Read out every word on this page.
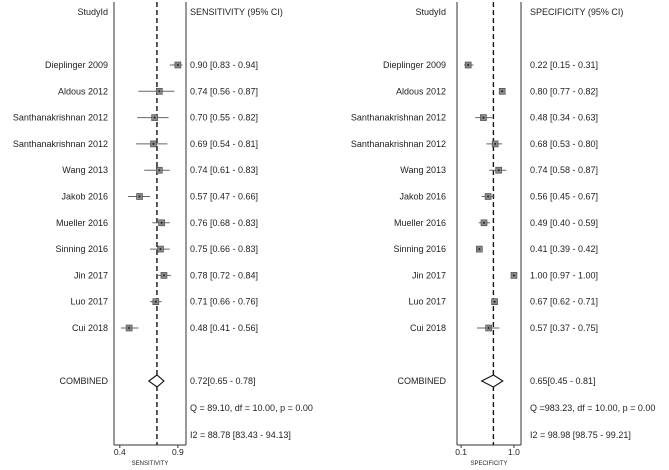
StudyId	SENSITIVITY (95% CI)
Dieplinger 2009	0.90 [0.83 - 0.94]
Aldous 2012	0.74 [0.56 - 0.87]
Santhanakrishnan 2012	0.70 [0.55 - 0.82]
Santhanakrishnan 2012	0.69 [0.54 - 0.81]
Wang 2013	0.74 [0.61 - 0.83]
Jakob 2016	0.57 [0.47 - 0.66]
Mueller 2016	0.76 [0.68 - 0.83]
Sinning 2016	0.75 [0.66 - 0.83]
Jin 2017	0.78 [0.72 - 0.84]
Luo 2017	0.71 [0.66 - 0.76]
Cui 2018	0.48 [0.41 - 0.56]
COMBINED	0.72[0.65 - 0.78]
Q = 89.10, df = 10.00, p = 0.00
I2 = 88.78 [83.43 - 94.13]
0.4	0.9
SENSITIVITY
StudyId	SPECIFICITY (95% CI)
Dieplinger 2009	0.22 [0.15 - 0.31]
Aldous 2012	0.80 [0.77 - 0.82]
Santhanakrishnan 2012	0.48 [0.34 - 0.63]
Santhanakrishnan 2012	0.68 [0.53 - 0.80]
Wang 2013	0.74 [0.58 - 0.87]
Jakob 2016	0.56 [0.45 - 0.67]
Mueller 2016	0.49 [0.40 - 0.59]
Sinning 2016	0.41 [0.39 - 0.42]
Jin 2017	1.00 [0.97 - 1.00]
Luo 2017	0.67 [0.62 - 0.71]
Cui 2018	0.57 [0.37 - 0.75]
COMBINED	0.65[0.45 - 0.81]
Q =983.23, df = 10.00, p = 0.00
I2 = 98.98 [98.75 - 99.21]
0.1	1.0
SPECIFICITY
